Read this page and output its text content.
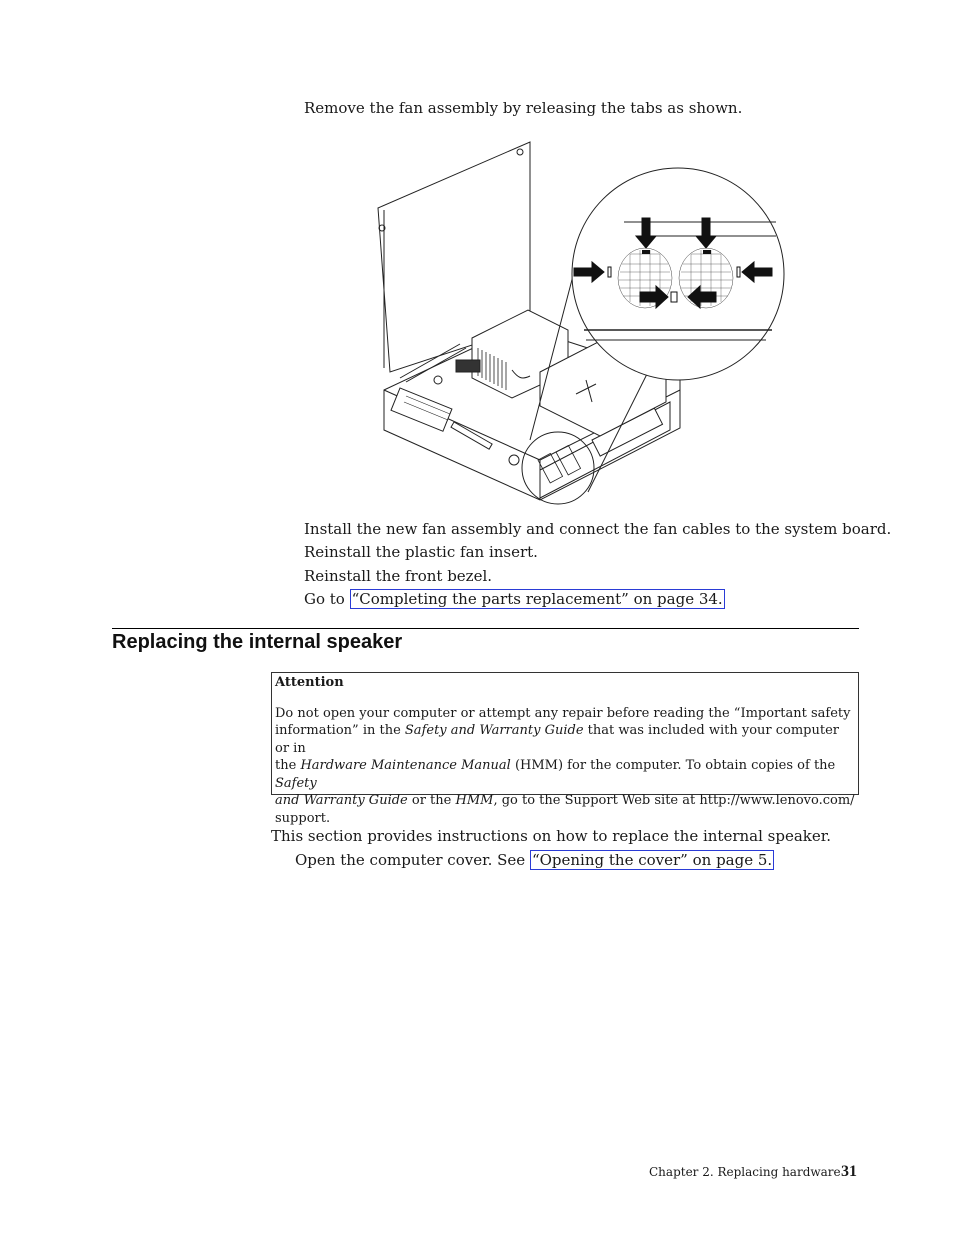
Remove the fan assembly by releasing the tabs as shown.
Install the new fan assembly and connect the fan cables to the system board.
Reinstall the plastic fan insert.
Reinstall the front bezel.
Go to “Completing the parts replacement” on page 34.
Replacing the internal speaker
Attention
Do not open your computer or attempt any repair before reading the “Important safety
information” in the Safety and Warranty Guide that was included with your computer or in
the Hardware Maintenance Manual (HMM) for the computer. To obtain copies of the Safety
and Warranty Guide or the HMM, go to the Support Web site at http://www.lenovo.com/
support.
This section provides instructions on how to replace the internal speaker.
Open the computer cover. See “Opening the cover” on page 5.
Chapter 2. Replacing hardware 31
